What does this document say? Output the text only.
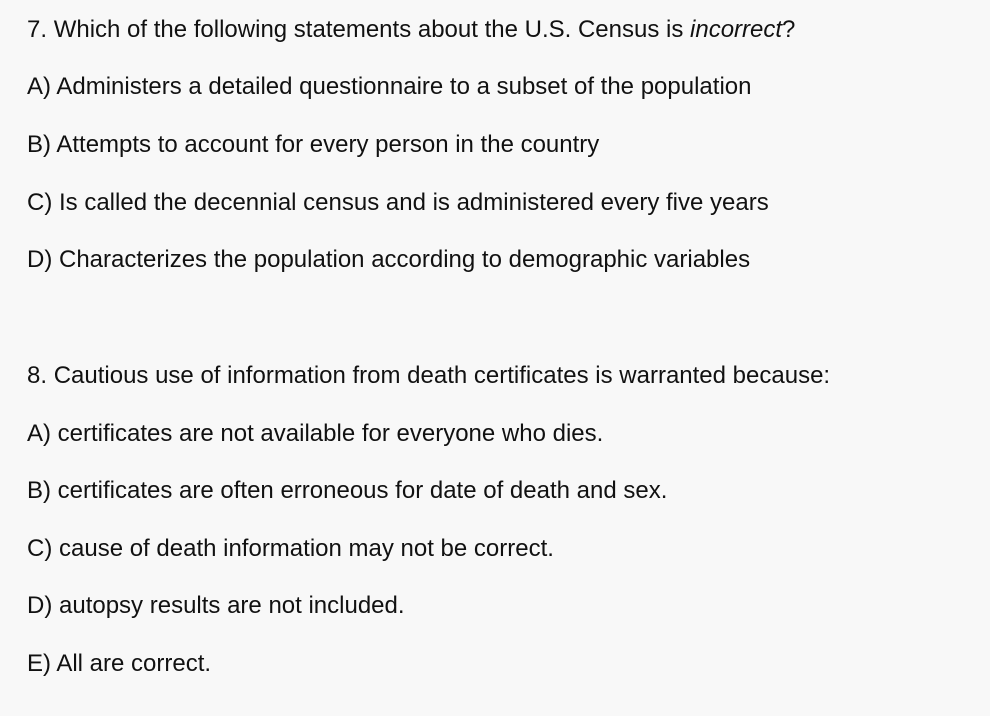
7. Which of the following statements about the U.S. Census is incorrect?
A) Administers a detailed questionnaire to a subset of the population
B) Attempts to account for every person in the country
C) Is called the decennial census and is administered every five years
D) Characterizes the population according to demographic variables
8. Cautious use of information from death certificates is warranted because:
A) certificates are not available for everyone who dies.
B) certificates are often erroneous for date of death and sex.
C) cause of death information may not be correct.
D) autopsy results are not included.
E) All are correct.
